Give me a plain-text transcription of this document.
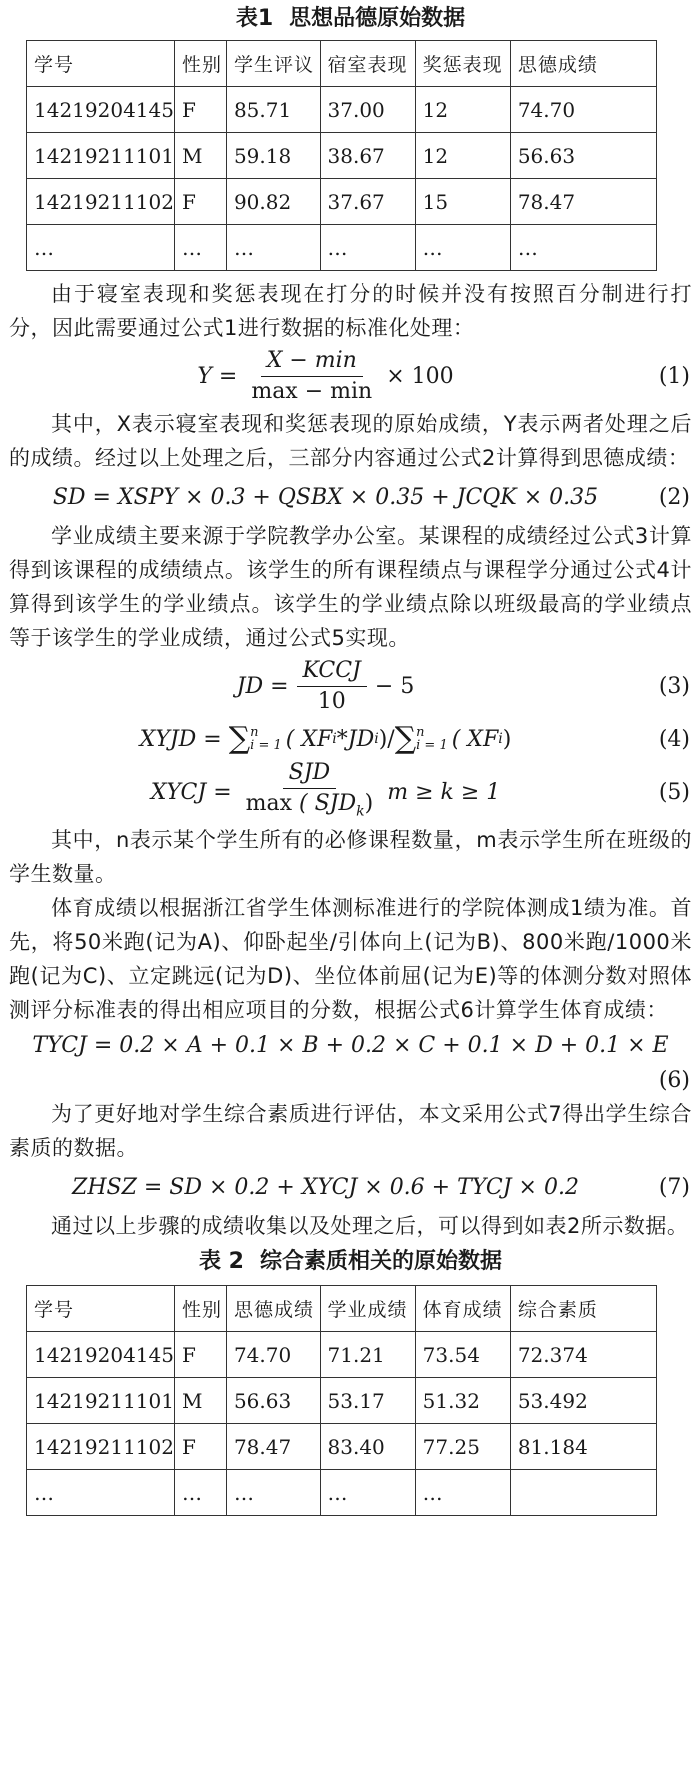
表1 思想品德原始数据
学号	性别	学生评议	宿室表现	奖惩表现	思德成绩
14219204145	F	85.71	37.00	12	74.70
14219211101	M	59.18	38.67	12	56.63
14219211102	F	90.82	37.67	15	78.47
…	…	…	…	…	…

由于寝室表现和奖惩表现在打分的时候并没有按照百分制进行打分，因此需要通过公式1进行数据的标准化处理：

$Y = \frac{X - \min}{\max - \min} \times 100$	(1)

其中，X表示寝室表现和奖惩表现的原始成绩，Y表示两者处理之后的成绩。经过以上处理之后，三部分内容通过公式2计算得到思德成绩：

SD = XSPY × 0.3 + QSBX × 0.35 + JCQK × 0.35	(2)

学业成绩主要来源于学院教学办公室。某课程的成绩经过公式3计算得到该课程的成绩绩点。该学生的所有课程绩点与课程学分通过公式4计算得到该学生的学业绩点。该学生的学业绩点除以班级最高的学业绩点等于该学生的学业成绩，通过公式5实现。

JD = $\frac{\text{KCCJ}}{10} - 5$	(3)
XYJD =
∑ n
i = 1 ( XF i *JD i ) / ∑ n
i = 1 ( XF i )	(4)
XYCJ = $\frac{\text{SJD}}{\max ( SJD_k)}$ m ≥ k ≥ 1	(5)

其中，n表示某个学生所有的必修课程数量，m表示学生所在班级的学生数量。

体育成绩以根据浙江省学生体测标准进行的学院体测成1绩为准。首先，将50米跑(记为A)、仰卧起坐/引体向上(记为B)、800米跑/1000米跑(记为C)、立定跳远(记为D)、坐位体前屈(记为E)等的体测分数对照体测评分标准表的得出相应项目的分数，根据公式6计算学生体育成绩：

TYCJ = 0.2 × A + 0.1 × B + 0.2 × C + 0.1 × D + 0.1 × E
(6)

为了更好地对学生综合素质进行评估，本文采用公式7得出学生综合素质的数据。

ZHSZ = SD × 0.2 + XYCJ × 0.6 + TYCJ × 0.2	(7)

通过以上步骤的成绩收集以及处理之后，可以得到如表2所示数据。

表 2 综合素质相关的原始数据
学号	性别	思德成绩	学业成绩	体育成绩	综合素质
14219204145	F	74.70	71.21	73.54	72.374
14219211101	M	56.63	53.17	51.32	53.492
14219211102	F	78.47	83.40	77.25	81.184
…	…	…	…	…	
